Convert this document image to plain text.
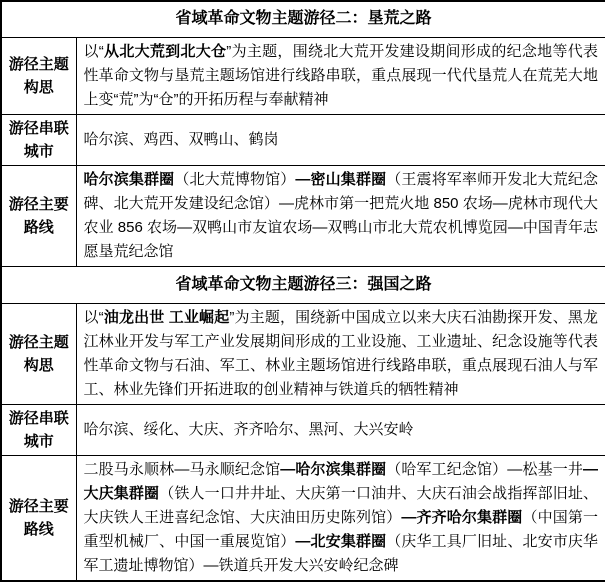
省域革命文物主题游径二：垦荒之路	
游径主题构思	以“从北大荒到北大仓”为主题，围绕北大荒开发建设期间形成的纪念地等代表性革命文物与垦荒主题场馆进行线路串联，重点展现一代代垦荒人在荒芜大地上变“荒”为“仓”的开拓历程与奉献精神
游径串联城市	哈尔滨、鸡西、双鸭山、鹤岗
游径主要路线	哈尔滨集群圈（北大荒博物馆）—密山集群圈（王震将军率师开发北大荒纪念碑、北大荒开发建设纪念馆）—虎林市第一把荒火地 850 农场—虎林市现代大农业 856 农场—双鸭山市友谊农场—双鸭山市北大荒农机博览园—中国青年志愿垦荒纪念馆
省域革命文物主题游径三：强国之路	
游径主题构思	以“油龙出世 工业崛起”为主题，围绕新中国成立以来大庆石油勘探开发、黑龙江林业开发与军工产业发展期间形成的工业设施、工业遗址、纪念设施等代表性革命文物与石油、军工、林业主题场馆进行线路串联，重点展现石油人与军工、林业先锋们开拓进取的创业精神与铁道兵的牺牲精神
游径串联城市	哈尔滨、绥化、大庆、齐齐哈尔、黑河、大兴安岭
游径主要路线	二股马永顺林—马永顺纪念馆—哈尔滨集群圈（哈军工纪念馆）—松基一井—大庆集群圈（铁人一口井井址、大庆第一口油井、大庆石油会战指挥部旧址、大庆铁人王进喜纪念馆、大庆油田历史陈列馆）—齐齐哈尔集群圈（中国第一重型机械厂、中国一重展览馆）—北安集群圈（庆华工具厂旧址、北安市庆华军工遗址博物馆）—铁道兵开发大兴安岭纪念碑
